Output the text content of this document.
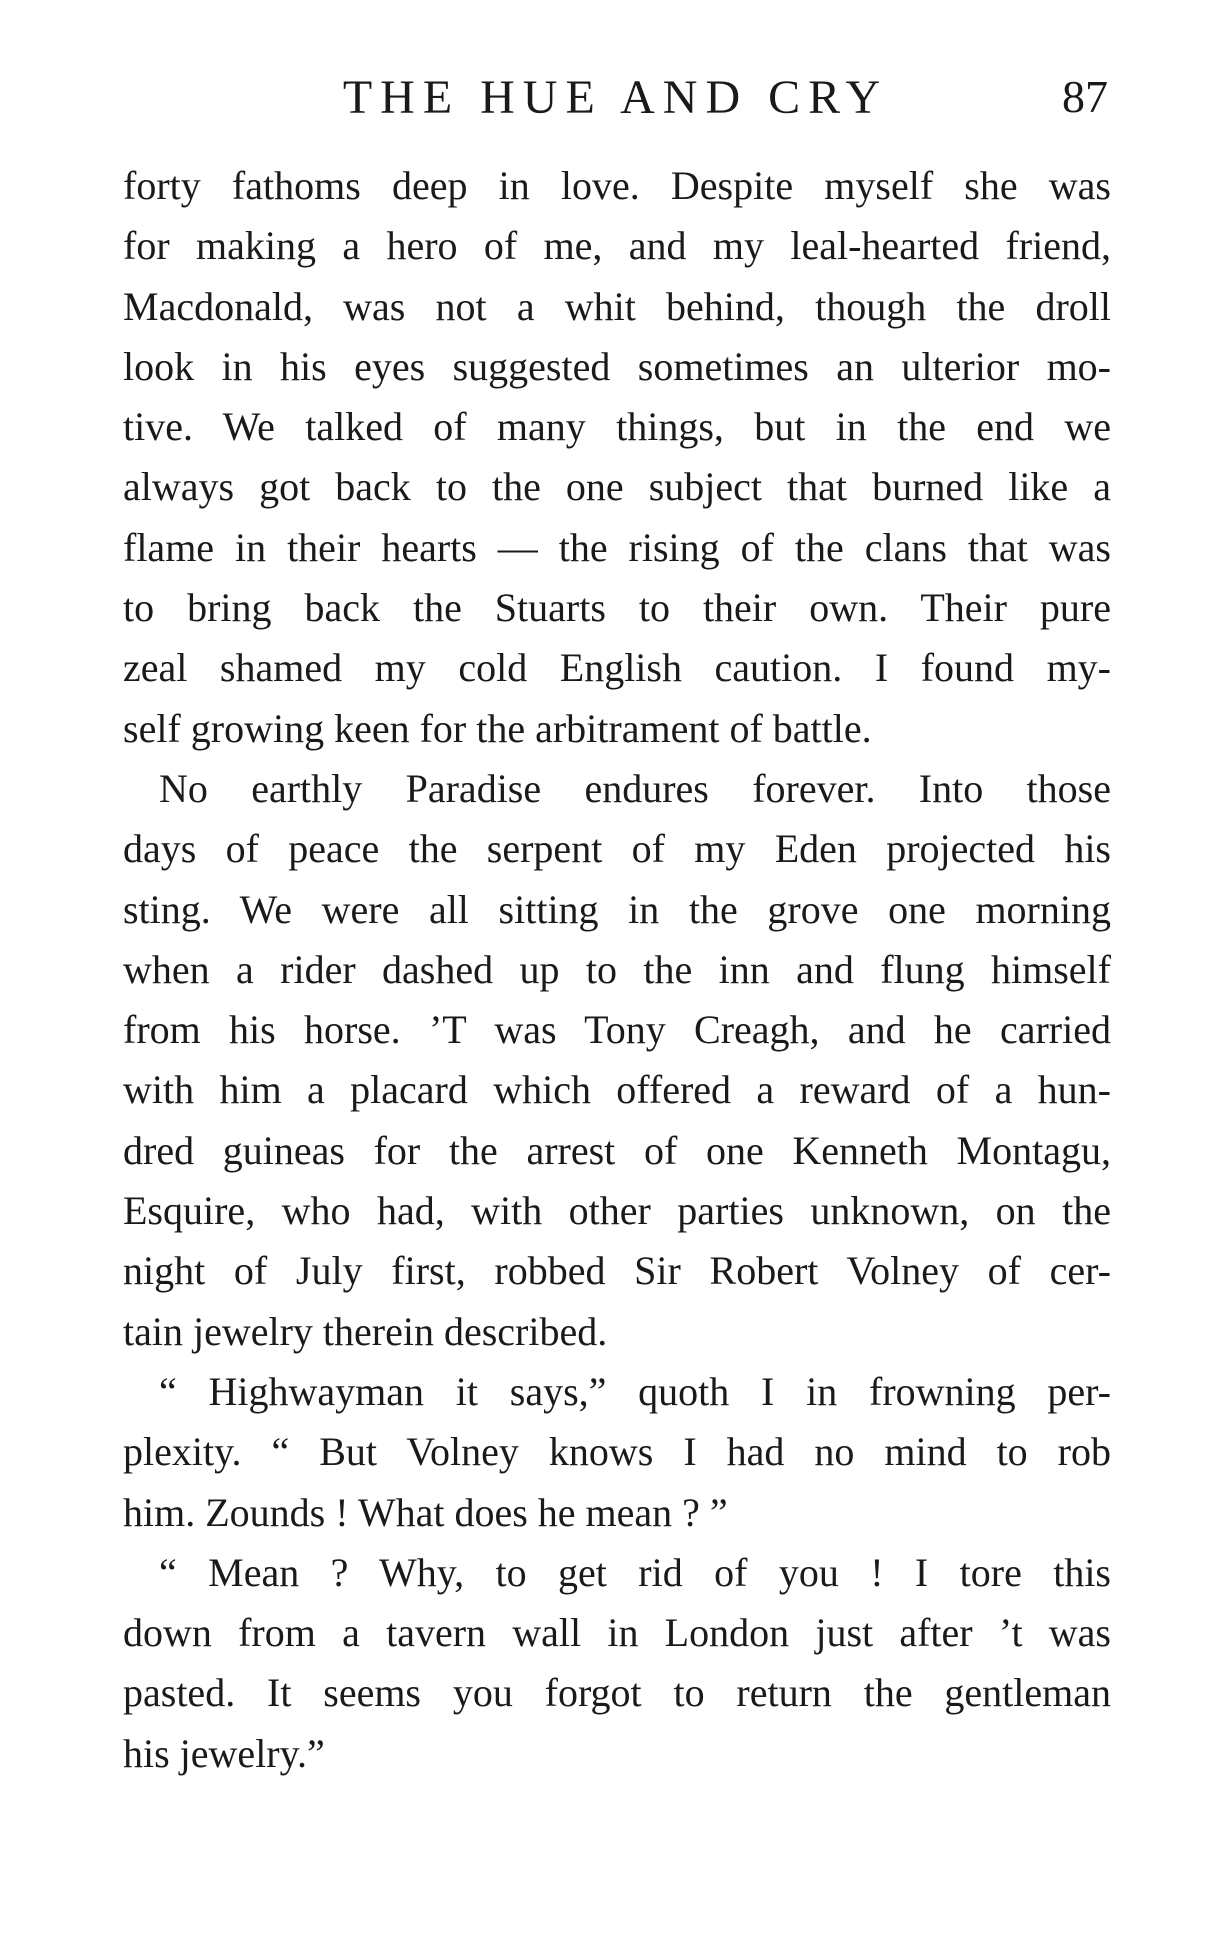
THE HUE AND CRY	87

forty fathoms deep in love. Despite myself she was
for making a hero of me, and my leal-hearted friend,
Macdonald, was not a whit behind, though the droll
look in his eyes suggested sometimes an ulterior mo-
tive. We talked of many things, but in the end we
always got back to the one subject that burned like a
flame in their hearts — the rising of the clans that was
to bring back the Stuarts to their own. Their pure
zeal shamed my cold English caution. I found my-
self growing keen for the arbitrament of battle.

No earthly Paradise endures forever. Into those
days of peace the serpent of my Eden projected his
sting. We were all sitting in the grove one morning
when a rider dashed up to the inn and flung himself
from his horse. ’T was Tony Creagh, and he carried
with him a placard which offered a reward of a hun-
dred guineas for the arrest of one Kenneth Montagu,
Esquire, who had, with other parties unknown, on the
night of July first, robbed Sir Robert Volney of cer-
tain jewelry therein described.

“ Highwayman it says,” quoth I in frowning per-
plexity. “ But Volney knows I had no mind to rob
him. Zounds ! What does he mean ? ”

“ Mean ? Why, to get rid of you ! I tore this
down from a tavern wall in London just after ’t was
pasted. It seems you forgot to return the gentleman
his jewelry.”
